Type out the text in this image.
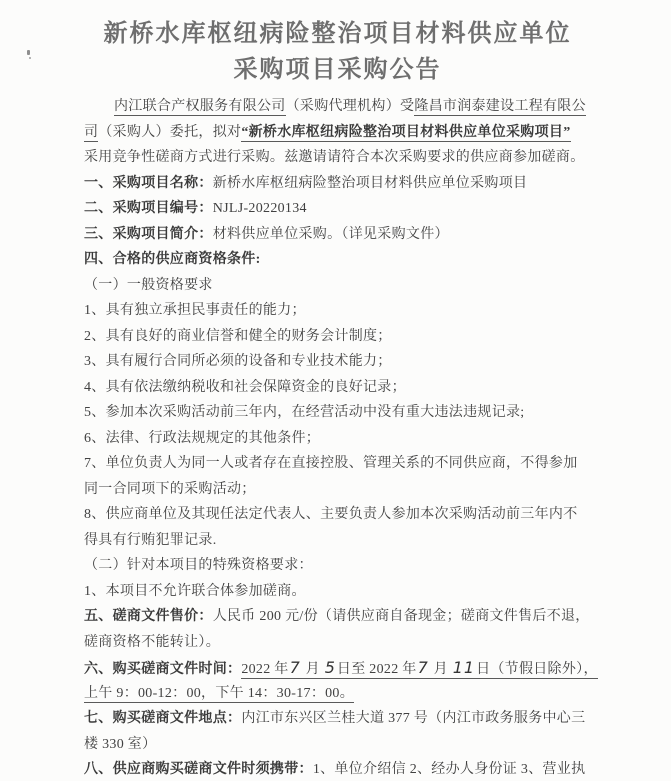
新桥水库枢纽病险整治项目材料供应单位
采购项目采购公告
内江联合产权服务有限公司（采购代理机构）受隆昌市润泰建设工程有限公
司（采购人）委托，拟对“新桥水库枢纽病险整治项目材料供应单位采购项目”
采用竞争性磋商方式进行采购。兹邀请请符合本次采购要求的供应商参加磋商。
一、采购项目名称：新桥水库枢纽病险整治项目材料供应单位采购项目
二、采购项目编号：NJLJ-20220134
三、采购项目简介：材料供应单位采购。（详见采购文件）
四、合格的供应商资格条件:
（一）一般资格要求
1、具有独立承担民事责任的能力；
2、具有良好的商业信誉和健全的财务会计制度；
3、具有履行合同所必须的设备和专业技术能力；
4、具有依法缴纳税收和社会保障资金的良好记录；
5、参加本次采购活动前三年内，在经营活动中没有重大违法违规记录;
6、法律、行政法规规定的其他条件；
7、单位负责人为同一人或者存在直接控股、管理关系的不同供应商，不得参加
同一合同项下的采购活动；
8、供应商单位及其现任法定代表人、主要负责人参加本次采购活动前三年内不
得具有行贿犯罪记录.
（二）针对本项目的特殊资格要求：
1、本项目不允许联合体参加磋商。
五、磋商文件售价：人民币 200 元/份（请供应商自备现金；磋商文件售后不退，
磋商资格不能转让）。
六、购买磋商文件时间：2022 年7 月 5日至 2022 年7 月 11日（节假日除外），
上午 9：00-12：00，下午 14：30-17：00。
七、购买磋商文件地点：内江市东兴区兰桂大道 377 号（内江市政务服务中心三
楼 330 室）
八、供应商购买磋商文件时须携带：1、单位介绍信 2、经办人身份证 3、营业执
